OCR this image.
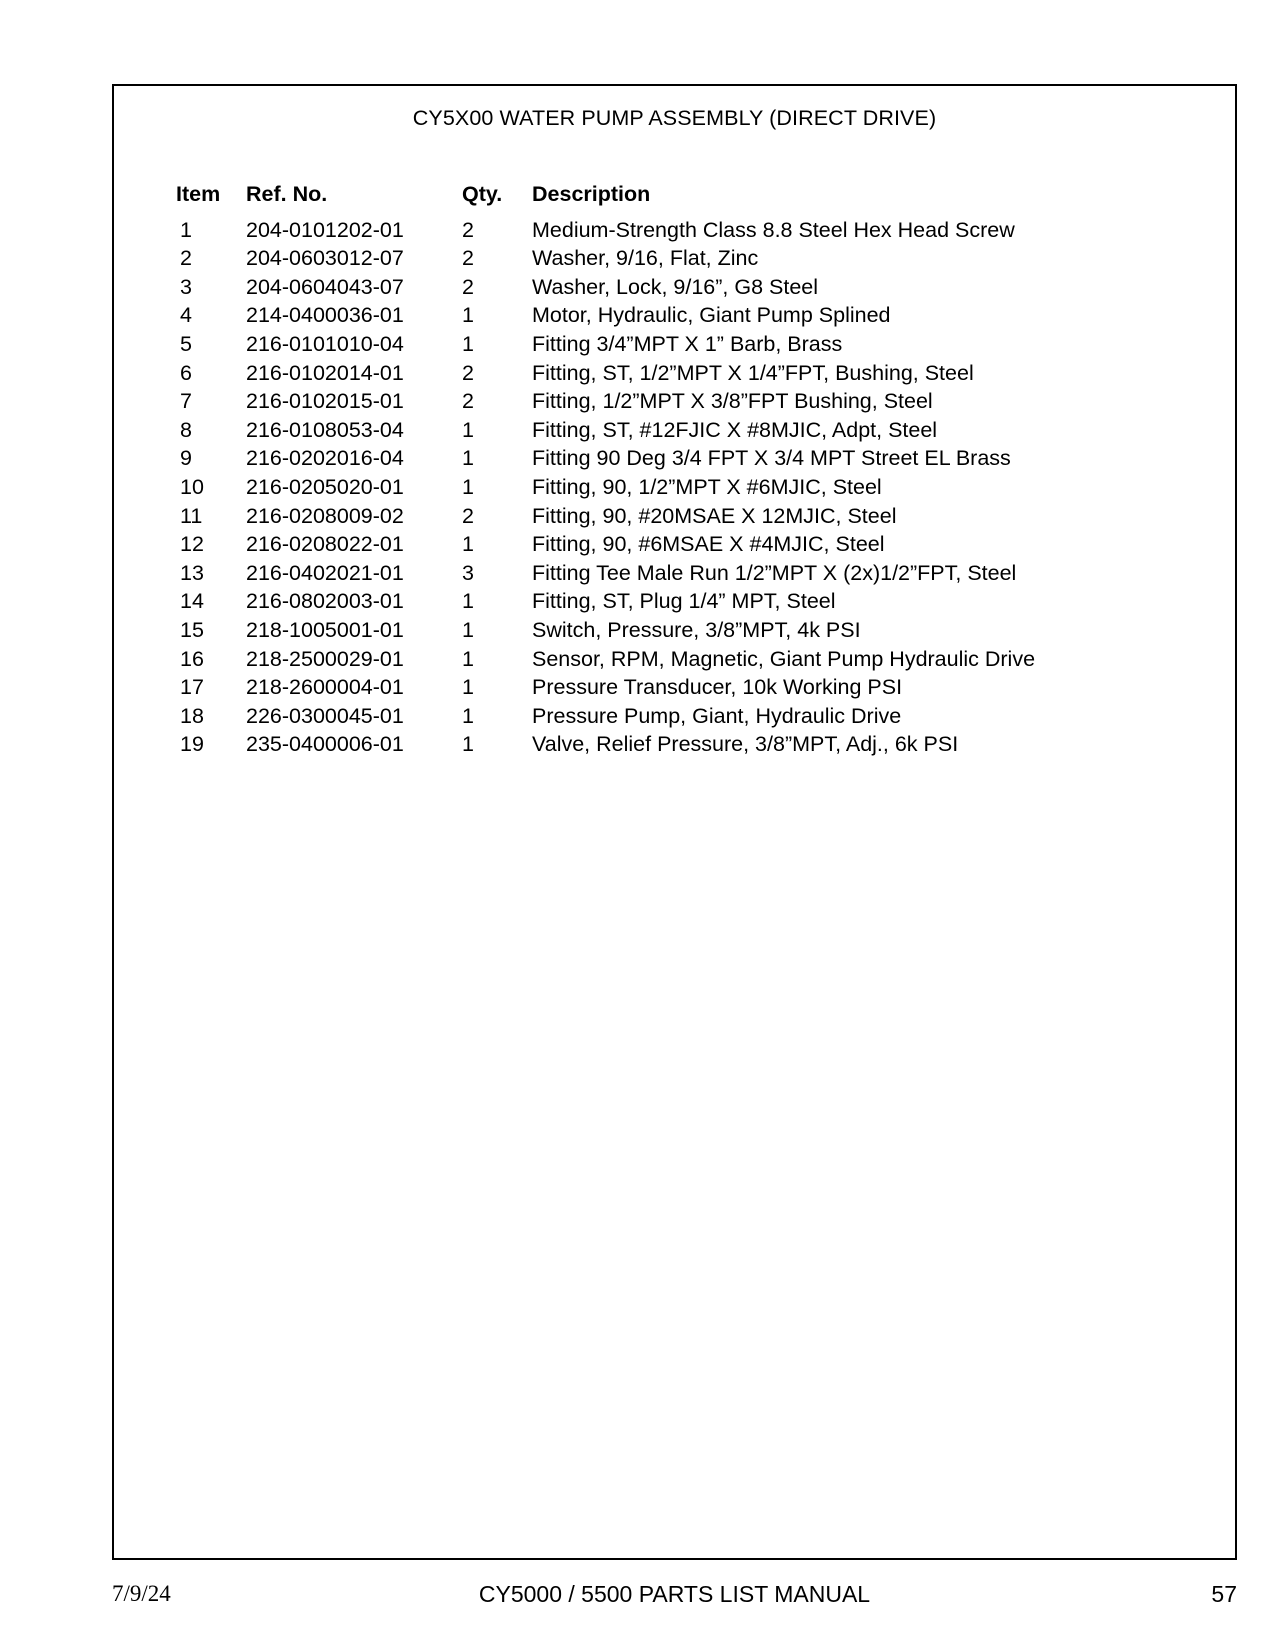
CY5X00 WATER PUMP ASSEMBLY (DIRECT DRIVE)
Item	Ref. No.	Qty.	Description
1	204-0101202-01	2	Medium-Strength Class 8.8 Steel Hex Head Screw
2	204-0603012-07	2	Washer, 9/16, Flat, Zinc
3	204-0604043-07	2	Washer, Lock, 9/16”, G8 Steel
4	214-0400036-01	1	Motor, Hydraulic, Giant Pump Splined
5	216-0101010-04	1	Fitting 3/4”MPT X 1” Barb, Brass
6	216-0102014-01	2	Fitting, ST, 1/2”MPT X 1/4”FPT, Bushing, Steel
7	216-0102015-01	2	Fitting, 1/2”MPT X 3/8”FPT Bushing, Steel
8	216-0108053-04	1	Fitting, ST, #12FJIC X #8MJIC, Adpt, Steel
9	216-0202016-04	1	Fitting 90 Deg 3/4 FPT X 3/4 MPT Street EL Brass
10	216-0205020-01	1	Fitting, 90, 1/2”MPT X #6MJIC, Steel
11	216-0208009-02	2	Fitting, 90, #20MSAE X 12MJIC, Steel
12	216-0208022-01	1	Fitting, 90, #6MSAE X #4MJIC, Steel
13	216-0402021-01	3	Fitting Tee Male Run 1/2”MPT X (2x)1/2”FPT, Steel
14	216-0802003-01	1	Fitting, ST, Plug 1/4” MPT, Steel
15	218-1005001-01	1	Switch, Pressure, 3/8”MPT, 4k PSI
16	218-2500029-01	1	Sensor, RPM, Magnetic, Giant Pump Hydraulic Drive
17	218-2600004-01	1	Pressure Transducer, 10k Working PSI
18	226-0300045-01	1	Pressure Pump, Giant, Hydraulic Drive
19	235-0400006-01	1	Valve, Relief Pressure, 3/8”MPT, Adj., 6k PSI
7/9/24	CY5000 / 5500 PARTS LIST MANUAL	57
